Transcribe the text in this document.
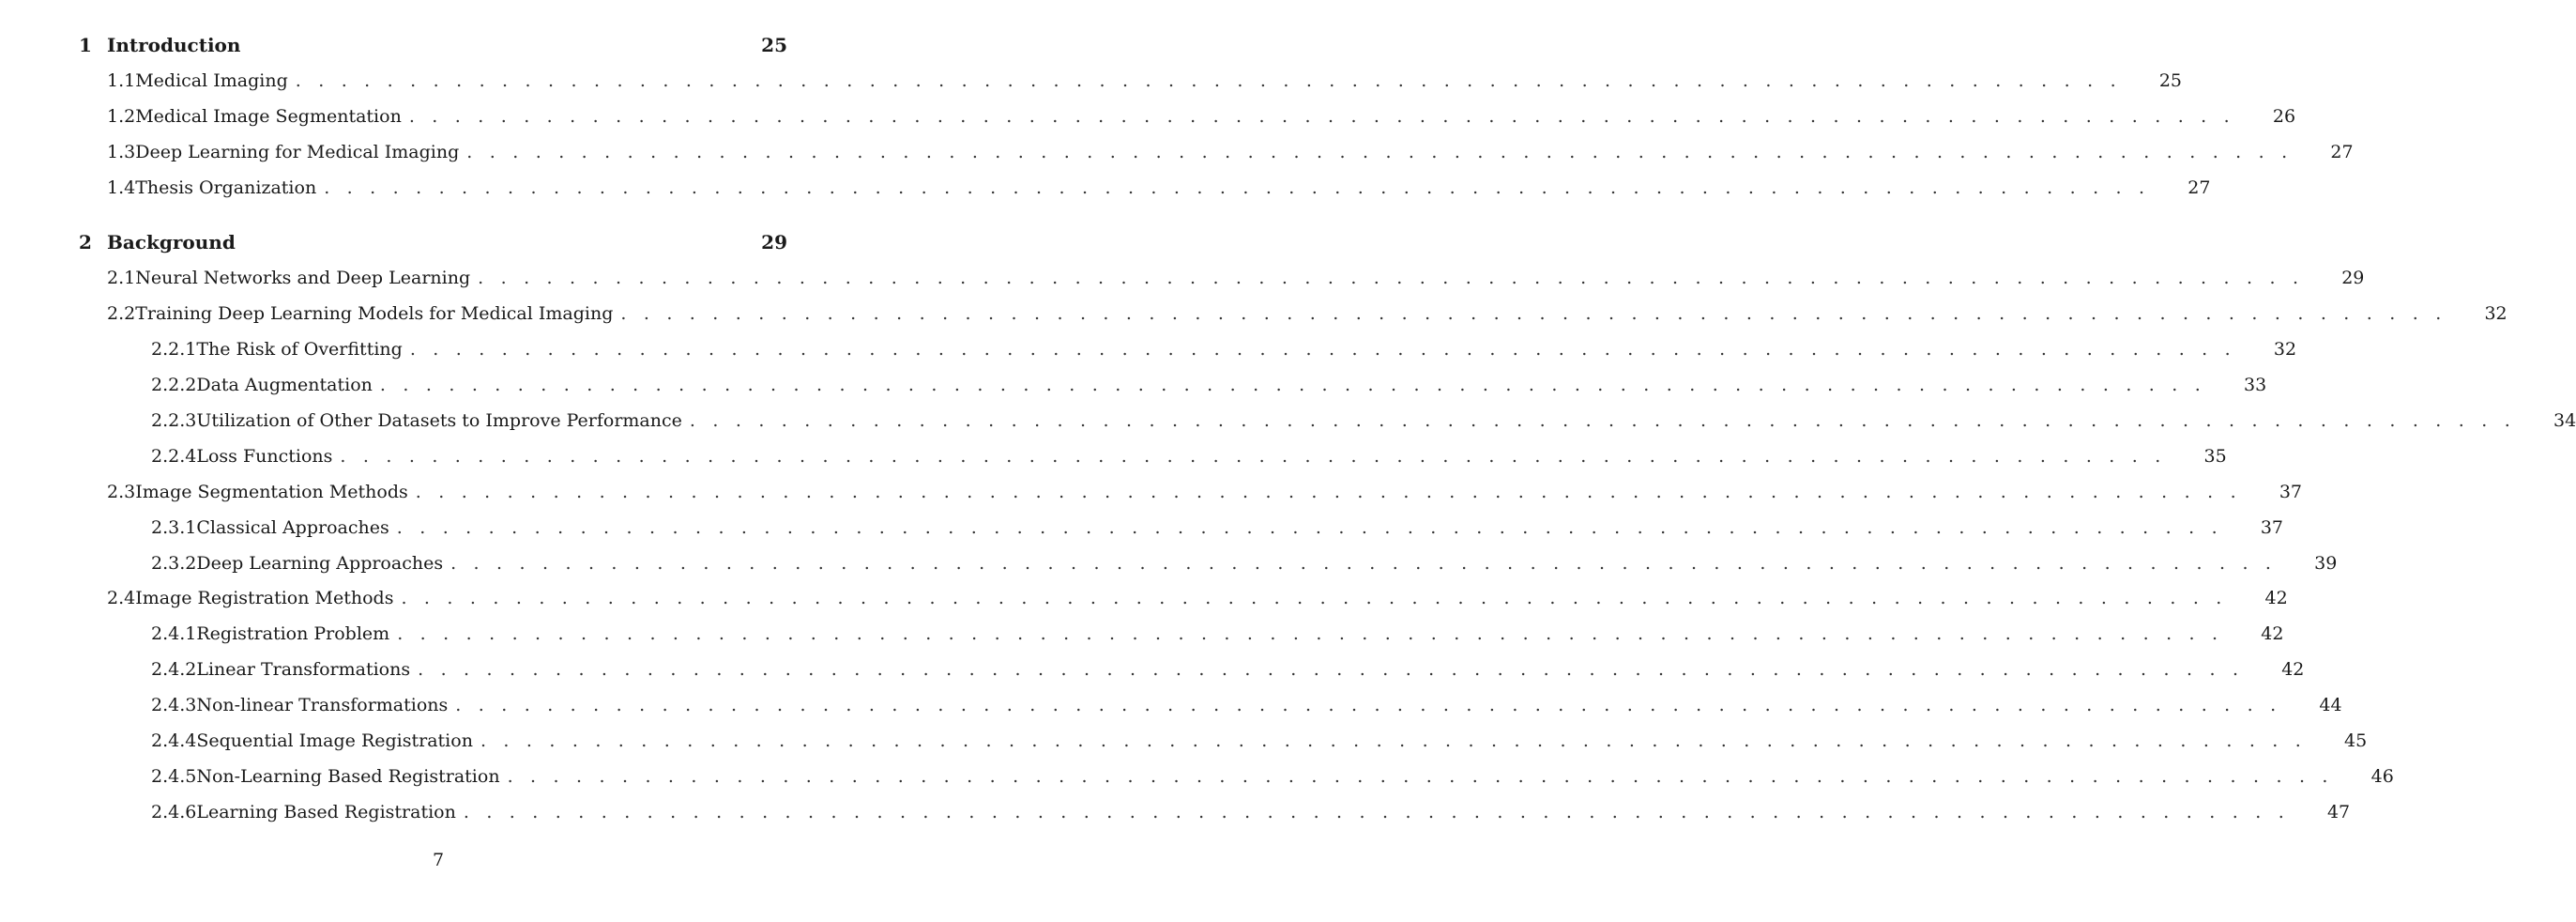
1 Introduction	25
1.1 Medical Imaging . . . . . . . . . . . . . . . . . . . . . . . . . . . . . . . . . . . . . . . . . . . . . . . . . . . . . . . . . . . . . . . . . . . . . . . . . . . . . . . . 25
1.2 Medical Image Segmentation . . . . . . . . . . . . . . . . . . . . . . . . . . . . . . . . . . . . . . . . . . . . . . . . . . . . . . . . . . . . . . . . . . . . . . . . . . . . . . . . 26
1.3 Deep Learning for Medical Imaging . . . . . . . . . . . . . . . . . . . . . . . . . . . . . . . . . . . . . . . . . . . . . . . . . . . . . . . . . . . . . . . . . . . . . . . . . . . . . . . . 27
1.4 Thesis Organization . . . . . . . . . . . . . . . . . . . . . . . . . . . . . . . . . . . . . . . . . . . . . . . . . . . . . . . . . . . . . . . . . . . . . . . . . . . . . . . . 27
2 Background	29
2.1 Neural Networks and Deep Learning . . . . . . . . . . . . . . . . . . . . . . . . . . . . . . . . . . . . . . . . . . . . . . . . . . . . . . . . . . . . . . . . . . . . . . . . . . . . . . . . 29
2.2 Training Deep Learning Models for Medical Imaging . . . . . . . . . . . . . . . . . . . . . . . . . . . . . . . . . . . . . . . . . . . . . . . . . . . . . . . . . . . . . . . . . . . . . . . . . . . . . . . . 32
2.2.1 The Risk of Overfitting . . . . . . . . . . . . . . . . . . . . . . . . . . . . . . . . . . . . . . . . . . . . . . . . . . . . . . . . . . . . . . . . . . . . . . . . . . . . . . . . 32
2.2.2 Data Augmentation . . . . . . . . . . . . . . . . . . . . . . . . . . . . . . . . . . . . . . . . . . . . . . . . . . . . . . . . . . . . . . . . . . . . . . . . . . . . . . . . 33
2.2.3 Utilization of Other Datasets to Improve Performance . . . . . . . . . . . . . . . . . . . . . . . . . . . . . . . . . . . . . . . . . . . . . . . . . . . . . . . . . . . . . . . . . . . . . . . . . . . . . . . . 34
2.2.4 Loss Functions . . . . . . . . . . . . . . . . . . . . . . . . . . . . . . . . . . . . . . . . . . . . . . . . . . . . . . . . . . . . . . . . . . . . . . . . . . . . . . . . 35
2.3 Image Segmentation Methods . . . . . . . . . . . . . . . . . . . . . . . . . . . . . . . . . . . . . . . . . . . . . . . . . . . . . . . . . . . . . . . . . . . . . . . . . . . . . . . . 37
2.3.1 Classical Approaches . . . . . . . . . . . . . . . . . . . . . . . . . . . . . . . . . . . . . . . . . . . . . . . . . . . . . . . . . . . . . . . . . . . . . . . . . . . . . . . . 37
2.3.2 Deep Learning Approaches . . . . . . . . . . . . . . . . . . . . . . . . . . . . . . . . . . . . . . . . . . . . . . . . . . . . . . . . . . . . . . . . . . . . . . . . . . . . . . . . 39
2.4 Image Registration Methods . . . . . . . . . . . . . . . . . . . . . . . . . . . . . . . . . . . . . . . . . . . . . . . . . . . . . . . . . . . . . . . . . . . . . . . . . . . . . . . . 42
2.4.1 Registration Problem . . . . . . . . . . . . . . . . . . . . . . . . . . . . . . . . . . . . . . . . . . . . . . . . . . . . . . . . . . . . . . . . . . . . . . . . . . . . . . . . 42
2.4.2 Linear Transformations . . . . . . . . . . . . . . . . . . . . . . . . . . . . . . . . . . . . . . . . . . . . . . . . . . . . . . . . . . . . . . . . . . . . . . . . . . . . . . . . 42
2.4.3 Non-linear Transformations . . . . . . . . . . . . . . . . . . . . . . . . . . . . . . . . . . . . . . . . . . . . . . . . . . . . . . . . . . . . . . . . . . . . . . . . . . . . . . . . 44
2.4.4 Sequential Image Registration . . . . . . . . . . . . . . . . . . . . . . . . . . . . . . . . . . . . . . . . . . . . . . . . . . . . . . . . . . . . . . . . . . . . . . . . . . . . . . . . 45
2.4.5 Non-Learning Based Registration . . . . . . . . . . . . . . . . . . . . . . . . . . . . . . . . . . . . . . . . . . . . . . . . . . . . . . . . . . . . . . . . . . . . . . . . . . . . . . . . 46
2.4.6 Learning Based Registration . . . . . . . . . . . . . . . . . . . . . . . . . . . . . . . . . . . . . . . . . . . . . . . . . . . . . . . . . . . . . . . . . . . . . . . . . . . . . . . . 47
7
